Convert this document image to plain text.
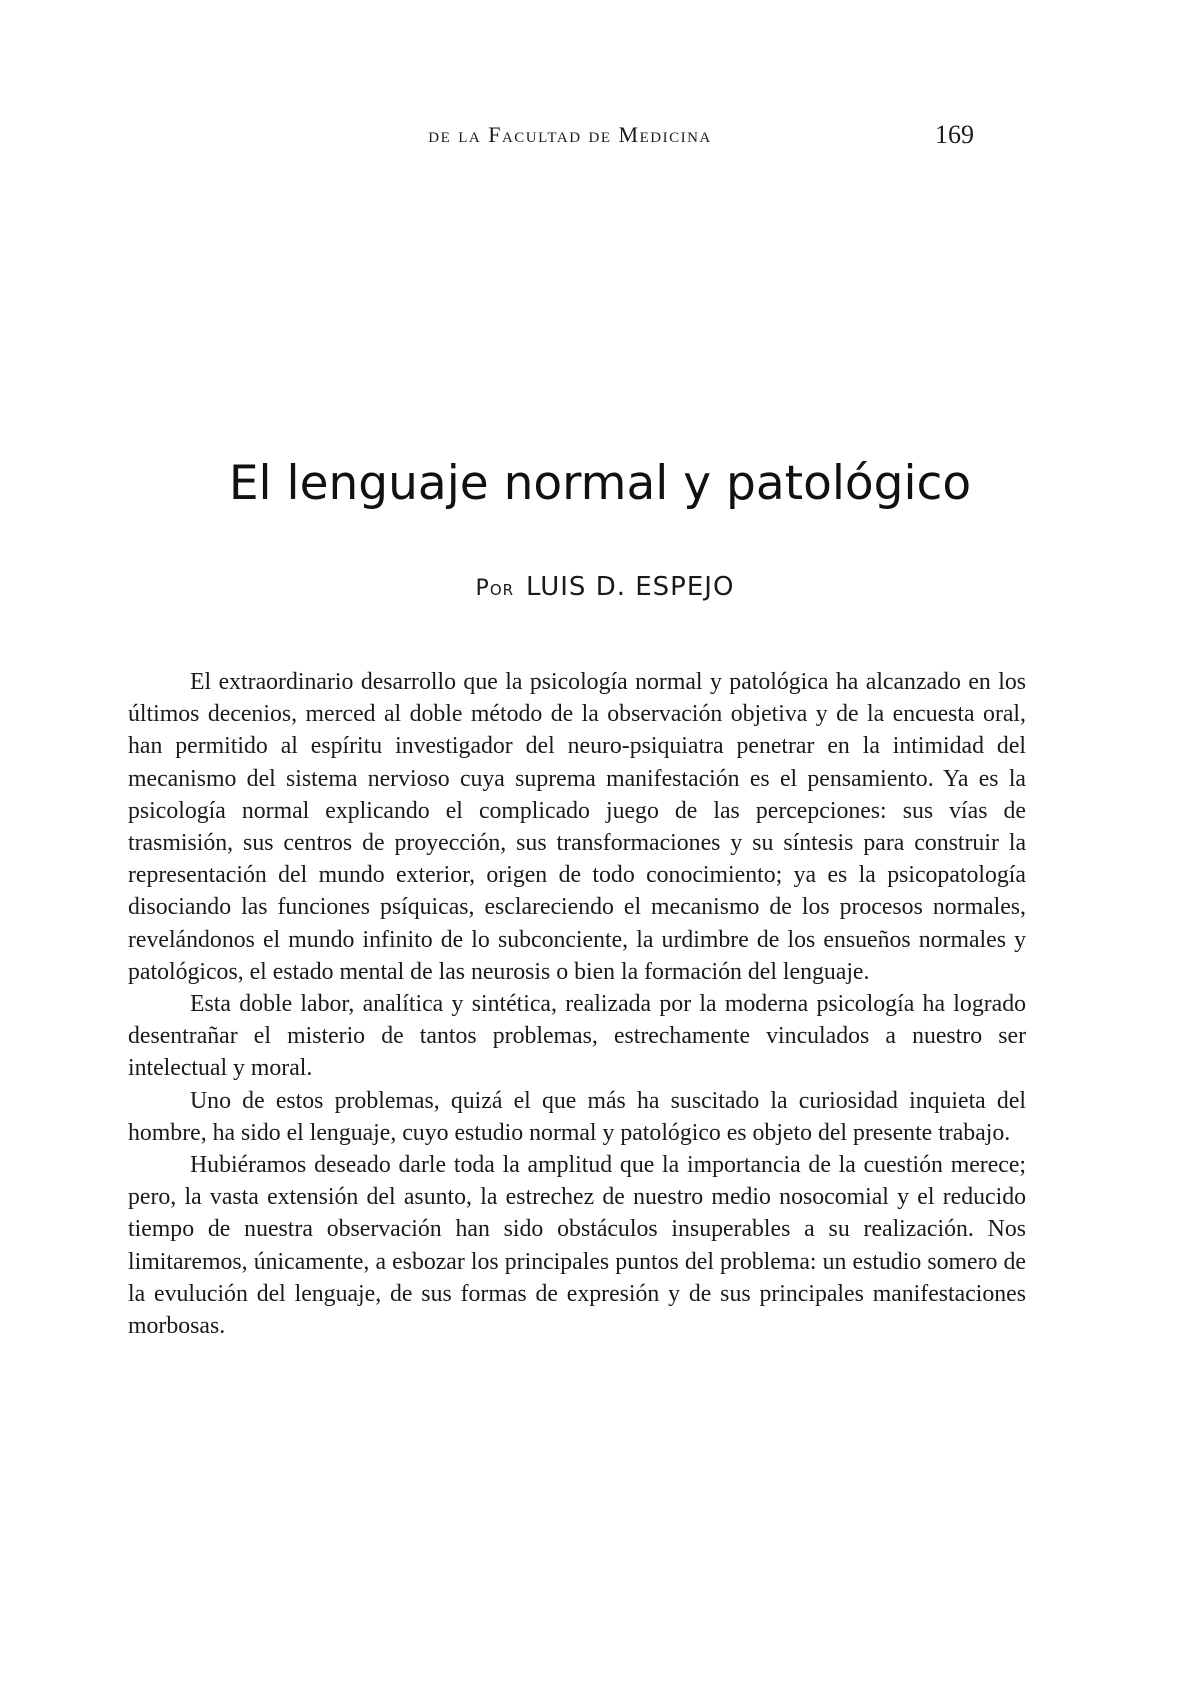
de la Facultad de Medicina	169
El lenguaje normal y patológico
Por LUIS D. ESPEJO

El extraordinario desarrollo que la psicología normal y patológica ha alcanzado en los últimos decenios, merced al doble método de la observación objetiva y de la encuesta oral, han permitido al espíritu investigador del neuro-psiquiatra penetrar en la intimidad del mecanismo del sistema nervioso cuya suprema manifestación es el pensamiento. Ya es la psicología normal explicando el complicado juego de las percepciones: sus vías de trasmisión, sus centros de proyección, sus transformaciones y su síntesis para construir la representación del mundo exterior, origen de todo conocimiento; ya es la psicopatología disociando las funciones psíquicas, esclareciendo el mecanismo de los procesos normales, revelándonos el mundo infinito de lo subconciente, la urdimbre de los ensueños normales y patológicos, el estado mental de las neurosis o bien la formación del lenguaje.

Esta doble labor, analítica y sintética, realizada por la moderna psicología ha logrado desentrañar el misterio de tantos problemas, estrechamente vinculados a nuestro ser intelectual y moral.

Uno de estos problemas, quizá el que más ha suscitado la curiosidad inquieta del hombre, ha sido el lenguaje, cuyo estudio normal y patológico es objeto del presente trabajo.

Hubiéramos deseado darle toda la amplitud que la importancia de la cuestión merece; pero, la vasta extensión del asunto, la estrechez de nuestro medio nosocomial y el reducido tiempo de nuestra observación han sido obstáculos insuperables a su realización. Nos limitaremos, únicamente, a esbozar los principales puntos del problema: un estudio somero de la evulución del lenguaje, de sus formas de expresión y de sus principales manifestaciones morbosas.
